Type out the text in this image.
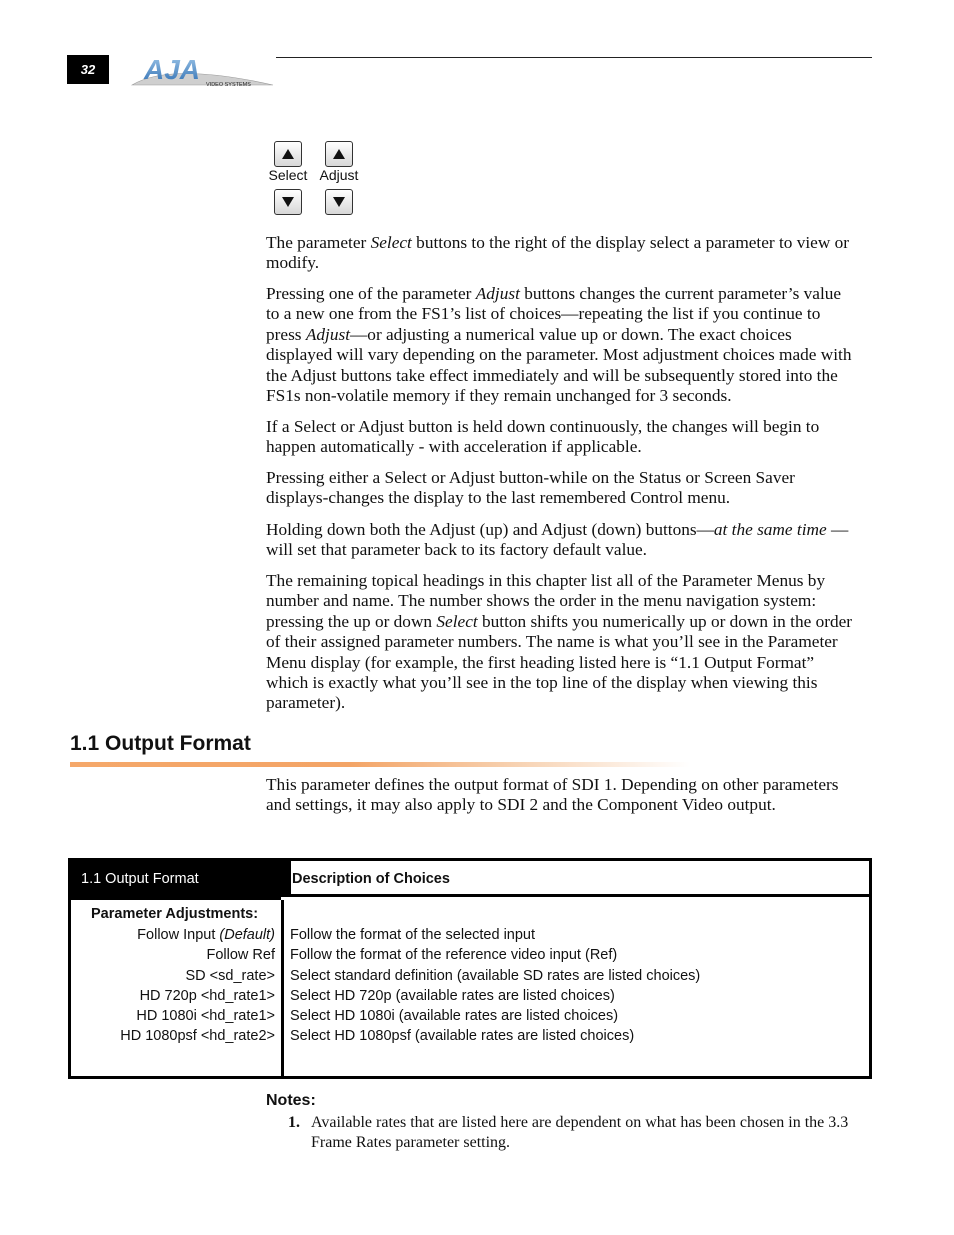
32	AJA VIDEO SYSTEMS
Select Adjust

The parameter Select buttons to the right of the display select a parameter to view or modify.

Pressing one of the parameter Adjust buttons changes the current parameter’s value to a new one from the FS1’s list of choices—repeating the list if you continue to press Adjust—or adjusting a numerical value up or down. The exact choices displayed will vary depending on the parameter. Most adjustment choices made with the Adjust buttons take effect immediately and will be subsequently stored into the FS1s non-volatile memory if they remain unchanged for 3 seconds.

If a Select or Adjust button is held down continuously, the changes will begin to happen automatically - with acceleration if applicable.

Pressing either a Select or Adjust button-while on the Status or Screen Saver displays-changes the display to the last remembered Control menu.

Holding down both the Adjust (up) and Adjust (down) buttons—at the same time —will set that parameter back to its factory default value.

The remaining topical headings in this chapter list all of the Parameter Menus by number and name. The number shows the order in the menu navigation system: pressing the up or down Select button shifts you numerically up or down in the order of their assigned parameter numbers. The name is what you’ll see in the Parameter Menu display (for example, the first heading listed here is “1.1 Output Format” which is exactly what you’ll see in the top line of the display when viewing this parameter).

1.1 Output Format

This parameter defines the output format of SDI 1. Depending on other parameters and settings, it may also apply to SDI 2 and the Component Video output.

1.1 Output Format	Description of Choices
Parameter Adjustments:
Follow Input (Default)
Follow Ref
SD <sd_rate>
HD 720p <hd_rate1>
HD 1080i <hd_rate1>
HD 1080psf <hd_rate2>
Follow the format of the selected input
Follow the format of the reference video input (Ref)
Select standard definition (available SD rates are listed choices)
Select HD 720p (available rates are listed choices)
Select HD 1080i (available rates are listed choices)
Select HD 1080psf (available rates are listed choices)
Notes:
1. Available rates that are listed here are dependent on what has been chosen in the 3.3 Frame Rates parameter setting.
